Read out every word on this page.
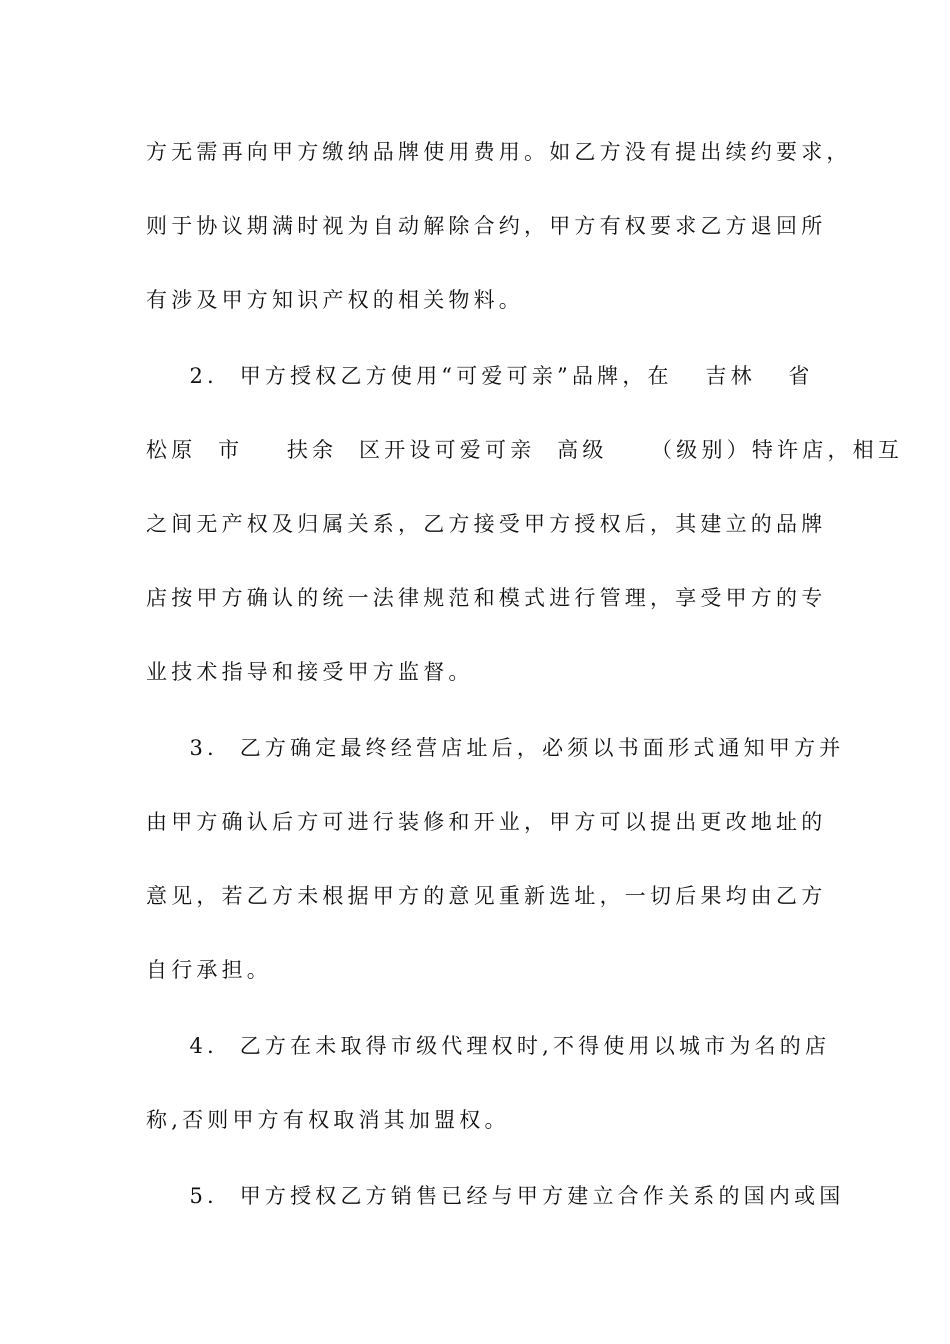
方无需再向甲方缴纳品牌使用费用。如乙方没有提出续约要求，
则于协议期满时视为自动解除合约，甲方有权要求乙方退回所
有涉及甲方知识产权的相关物料。
2.  甲方授权乙方使用“可爱可亲”品牌，在   吉林   省
松原  市    扶余  区开设可爱可亲  高级    （级别）特许店，相互
之间无产权及归属关系，乙方接受甲方授权后，其建立的品牌
店按甲方确认的统一法律规范和模式进行管理，享受甲方的专
业技术指导和接受甲方监督。
3.  乙方确定最终经营店址后，必须以书面形式通知甲方并
由甲方确认后方可进行装修和开业，甲方可以提出更改地址的
意见，若乙方未根据甲方的意见重新选址，一切后果均由乙方
自行承担。
4.  乙方在未取得市级代理权时,不得使用以城市为名的店
称,否则甲方有权取消其加盟权。
5.  甲方授权乙方销售已经与甲方建立合作关系的国内或国
